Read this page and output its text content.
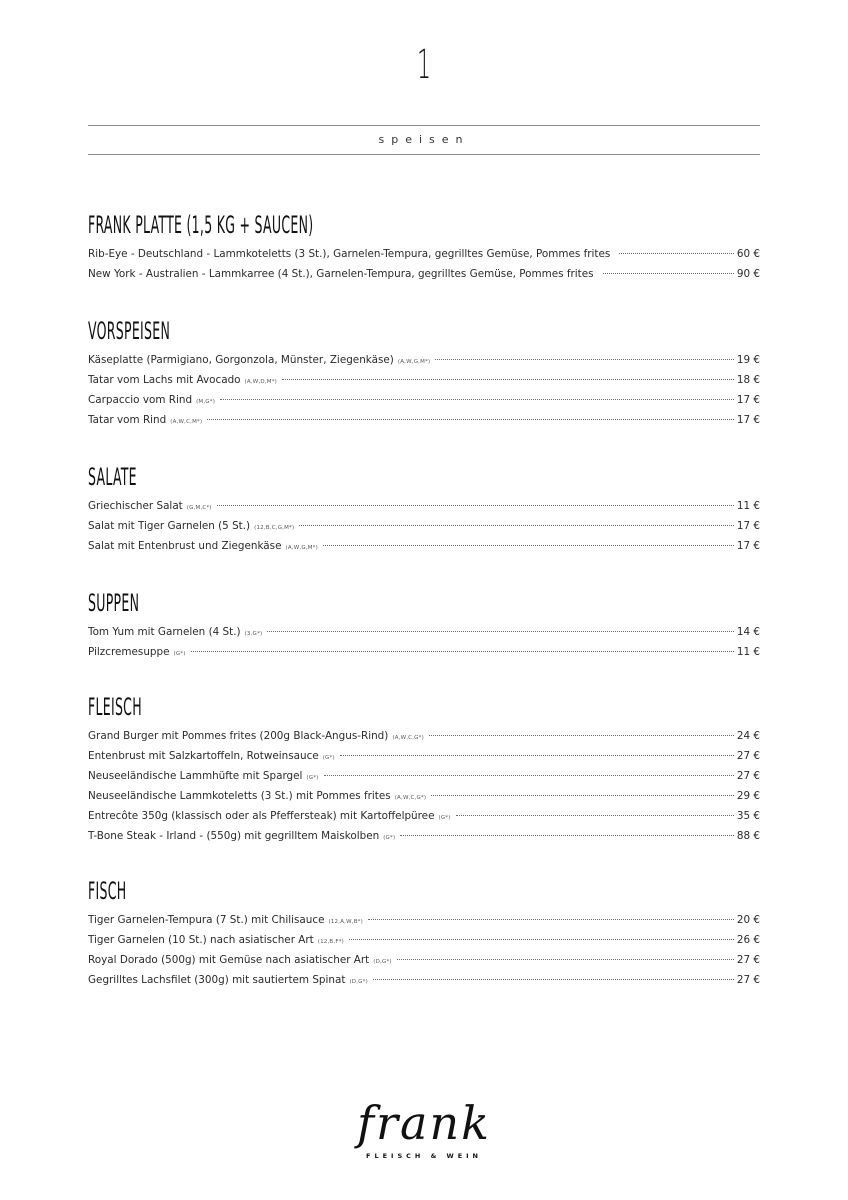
1
speisen
FRANK PLATTE (1,5 KG + SAUCEN)
Rib-Eye - Deutschland - Lammkoteletts (3 St.), Garnelen-Tempura, gegrilltes Gemüse, Pommes frites	60 €
New York - Australien - Lammkarree (4 St.), Garnelen-Tempura, gegrilltes Gemüse, Pommes frites	90 €
VORSPEISEN
Käseplatte (Parmigiano, Gorgonzola, Münster, Ziegenkäse) (A,W,G,M*)	19 €
Tatar vom Lachs mit Avocado (A,W,D,M*)	18 €
Carpaccio vom Rind (M,G*)	17 €
Tatar vom Rind (A,W,C,M*)	17 €
SALATE
Griechischer Salat (G,M,C*)	11 €
Salat mit Tiger Garnelen (5 St.) (12,B,C,G,M*)	17 €
Salat mit Entenbrust und Ziegenkäse (A,W,G,M*)	17 €
SUPPEN
Tom Yum mit Garnelen (4 St.) (3,G*)	14 €
Pilzcremesuppe (G*)	11 €
FLEISCH
Grand Burger mit Pommes frites (200g Black-Angus-Rind) (A,W,C,G*)	24 €
Entenbrust mit Salzkartoffeln, Rotweinsauce (G*)	27 €
Neuseeländische Lammhüfte mit Spargel (G*)	27 €
Neuseeländische Lammkoteletts (3 St.) mit Pommes frites (A,W,C,G*)	29 €
Entrecôte 350g (klassisch oder als Pfeffersteak) mit Kartoffelpüree (G*)	35 €
T-Bone Steak - Irland - (550g) mit gegrilltem Maiskolben (G*)	88 €
FISCH
Tiger Garnelen-Tempura (7 St.) mit Chilisauce (12,A,W,B*)	20 €
Tiger Garnelen (10 St.) nach asiatischer Art (12,B,F*)	26 €
Royal Dorado (500g) mit Gemüse nach asiatischer Art (D,G*)	27 €
Gegrilltes Lachsfilet (300g) mit sautiertem Spinat (D,G*)	27 €
frank
FLEISCH & WEIN
